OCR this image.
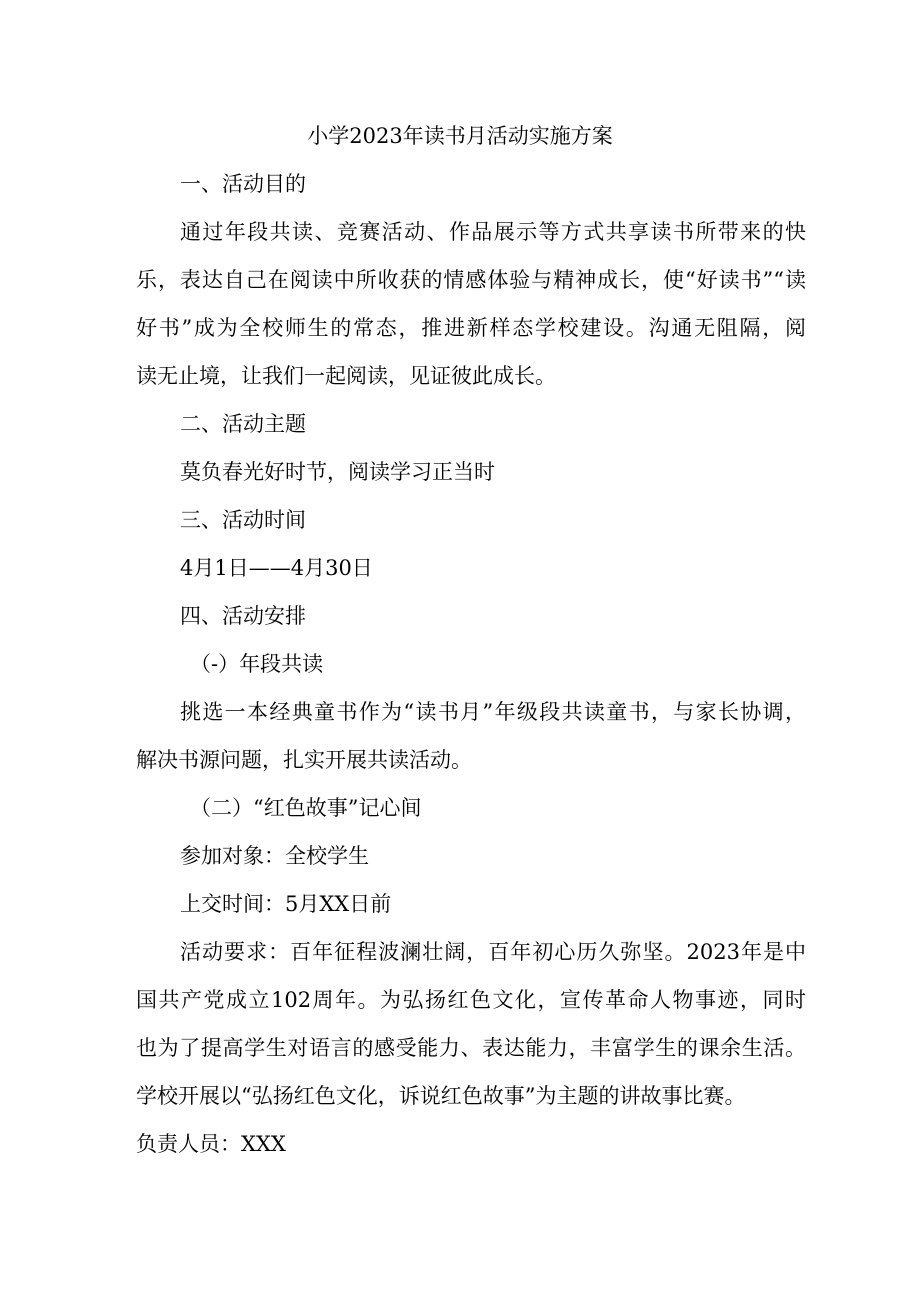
小学2023年读书月活动实施方案

一、活动目的

通过年段共读、竞赛活动、作品展示等方式共享读书所带来的快

乐，表达自己在阅读中所收获的情感体验与精神成长，使“好读书”“读

好书”成为全校师生的常态，推进新样态学校建设。沟通无阻隔，阅

读无止境，让我们一起阅读，见证彼此成长。

二、活动主题

莫负春光好时节，阅读学习正当时

三、活动时间

4月1日——4月30日

四、活动安排

（-）年段共读

挑选一本经典童书作为“读书月”年级段共读童书，与家长协调，

解决书源问题，扎实开展共读活动。

（二）“红色故事”记心间

参加对象：全校学生

上交时间：5月XX日前

活动要求：百年征程波澜壮阔，百年初心历久弥坚。2023年是中

国共产党成立102周年。为弘扬红色文化，宣传革命人物事迹，同时

也为了提高学生对语言的感受能力、表达能力，丰富学生的课余生活。

学校开展以“弘扬红色文化，诉说红色故事”为主题的讲故事比赛。

负责人员：XXX
